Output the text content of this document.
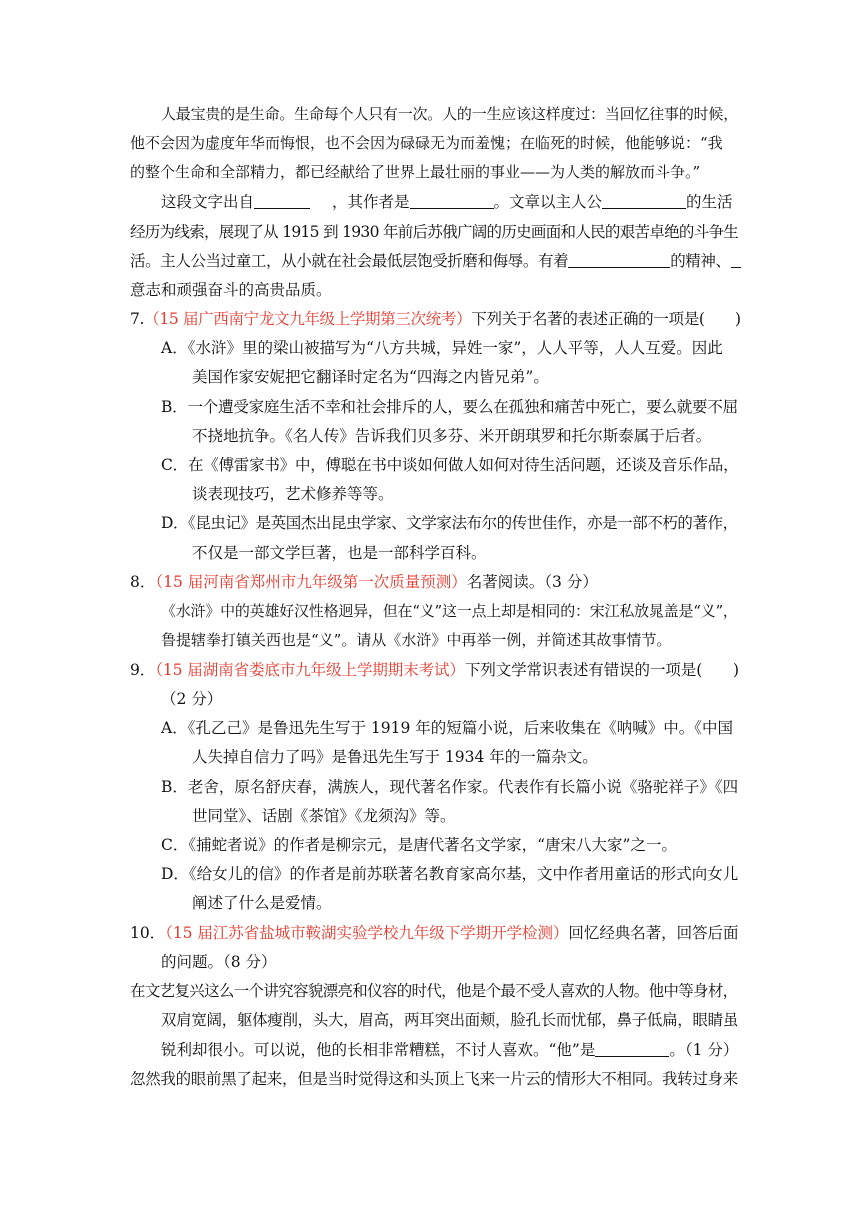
人最宝贵的是生命。生命每个人只有一次。人的一生应该这样度过：当回忆往事的时候，
他不会因为虚度年华而悔恨，也不会因为碌碌无为而羞愧；在临死的时候，他能够说：“我
的整个生命和全部精力，都已经献给了世界上最壮丽的事业——为人类的解放而斗争。”
这段文字出自	，其作者是	。文章以主人公	的生活
经历为线索，展现了从 1915 到 1930 年前后苏俄广阔的历史画面和人民的艰苦卓绝的斗争生
活。主人公当过童工，从小就在社会最低层饱受折磨和侮辱。有着	的精神、
意志和顽强奋斗的高贵品质。
7.（15 届广西南宁龙文九年级上学期第三次统考）下列关于名著的表述正确的一项是(　　)
A．《水浒》里的梁山被描写为“八方共城，异姓一家”，人人平等，人人互爱。因此
美国作家安妮把它翻译时定名为“四海之内皆兄弟”。
B．一个遭受家庭生活不幸和社会排斥的人，要么在孤独和痛苦中死亡，要么就要不屈
不挠地抗争。《名人传》告诉我们贝多芬、米开朗琪罗和托尔斯泰属于后者。
C．在《傅雷家书》中，傅聪在书中谈如何做人如何对待生活问题，还谈及音乐作品，
谈表现技巧，艺术修养等等。
D．《昆虫记》是英国杰出昆虫学家、文学家法布尔的传世佳作，亦是一部不朽的著作，
不仅是一部文学巨著，也是一部科学百科。
8．（15 届河南省郑州市九年级第一次质量预测）名著阅读。（3 分）
《水浒》中的英雄好汉性格迥异，但在“义”这一点上却是相同的：宋江私放晁盖是“义”，
鲁提辖拳打镇关西也是“义”。请从《水浒》中再举一例，并简述其故事情节。
9．（15 届湖南省娄底市九年级上学期期末考试）下列文学常识表述有错误的一项是(　　)
（2 分）
A．《孔乙己》是鲁迅先生写于 1919 年的短篇小说，后来收集在《呐喊》中。《中国
人失掉自信力了吗》是鲁迅先生写于 1934 年的一篇杂文。
B．老舍，原名舒庆春，满族人，现代著名作家。代表作有长篇小说《骆驼祥子》《四
世同堂》、话剧《茶馆》《龙须沟》等。
C．《捕蛇者说》的作者是柳宗元，是唐代著名文学家，“唐宋八大家”之一。
D．《给女儿的信》的作者是前苏联著名教育家高尔基，文中作者用童话的形式向女儿
阐述了什么是爱情。
10．（15 届江苏省盐城市鞍湖实验学校九年级下学期开学检测）回忆经典名著，回答后面
的问题。（8 分）
在文艺复兴这么一个讲究容貌漂亮和仪容的时代，他是个最不受人喜欢的人物。他中等身材，
双肩宽阔，躯体瘦削，头大，眉高，两耳突出面颊，脸孔长而忧郁，鼻子低扁，眼睛虽
锐利却很小。可以说，他的长相非常糟糕，不讨人喜欢。“他”是	。（1 分）
忽然我的眼前黑了起来，但是当时觉得这和头顶上飞来一片云的情形大不相同。我转过身来
